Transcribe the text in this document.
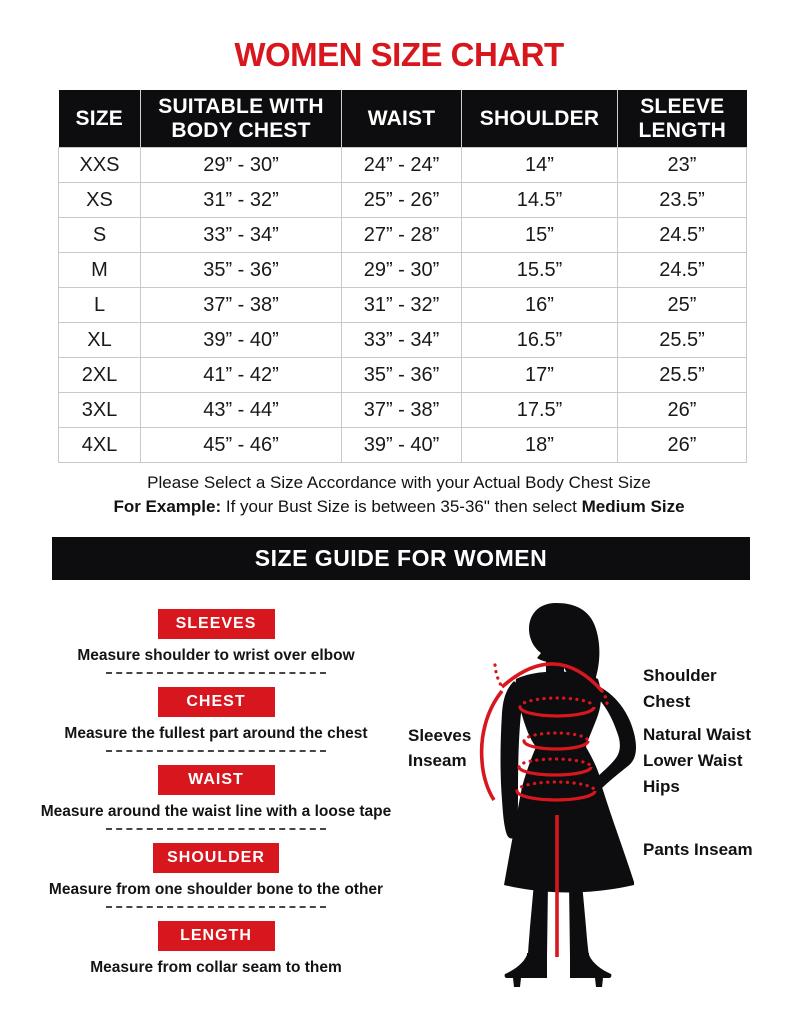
WOMEN SIZE CHART
SIZE	SUITABLE WITH BODY CHEST	WAIST	SHOULDER	SLEEVE LENGTH
XXS	29” - 30”	24” - 24”	14”	23”
XS	31” - 32”	25” - 26”	14.5”	23.5”
S	33” - 34”	27” - 28”	15”	24.5”
M	35” - 36”	29” - 30”	15.5”	24.5”
L	37” - 38”	31” - 32”	16”	25”
XL	39” - 40”	33” - 34”	16.5”	25.5”
2XL	41” - 42”	35” - 36”	17”	25.5”
3XL	43” - 44”	37” - 38”	17.5”	26”
4XL	45” - 46”	39” - 40”	18”	26”

Please Select a Size Accordance with your Actual Body Chest Size

For Example: If your Bust Size is between 35-36" then select Medium Size

SIZE GUIDE FOR WOMEN
SLEEVES

Measure shoulder to wrist over elbow

CHEST

Measure the fullest part around the chest

WAIST

Measure around the waist line with a loose tape

SHOULDER

Measure from one shoulder bone to the other

LENGTH

Measure from collar seam to them

Sleeves
Inseam
Shoulder
Chest
Natural Waist
Lower Waist
Hips
Pants Inseam
